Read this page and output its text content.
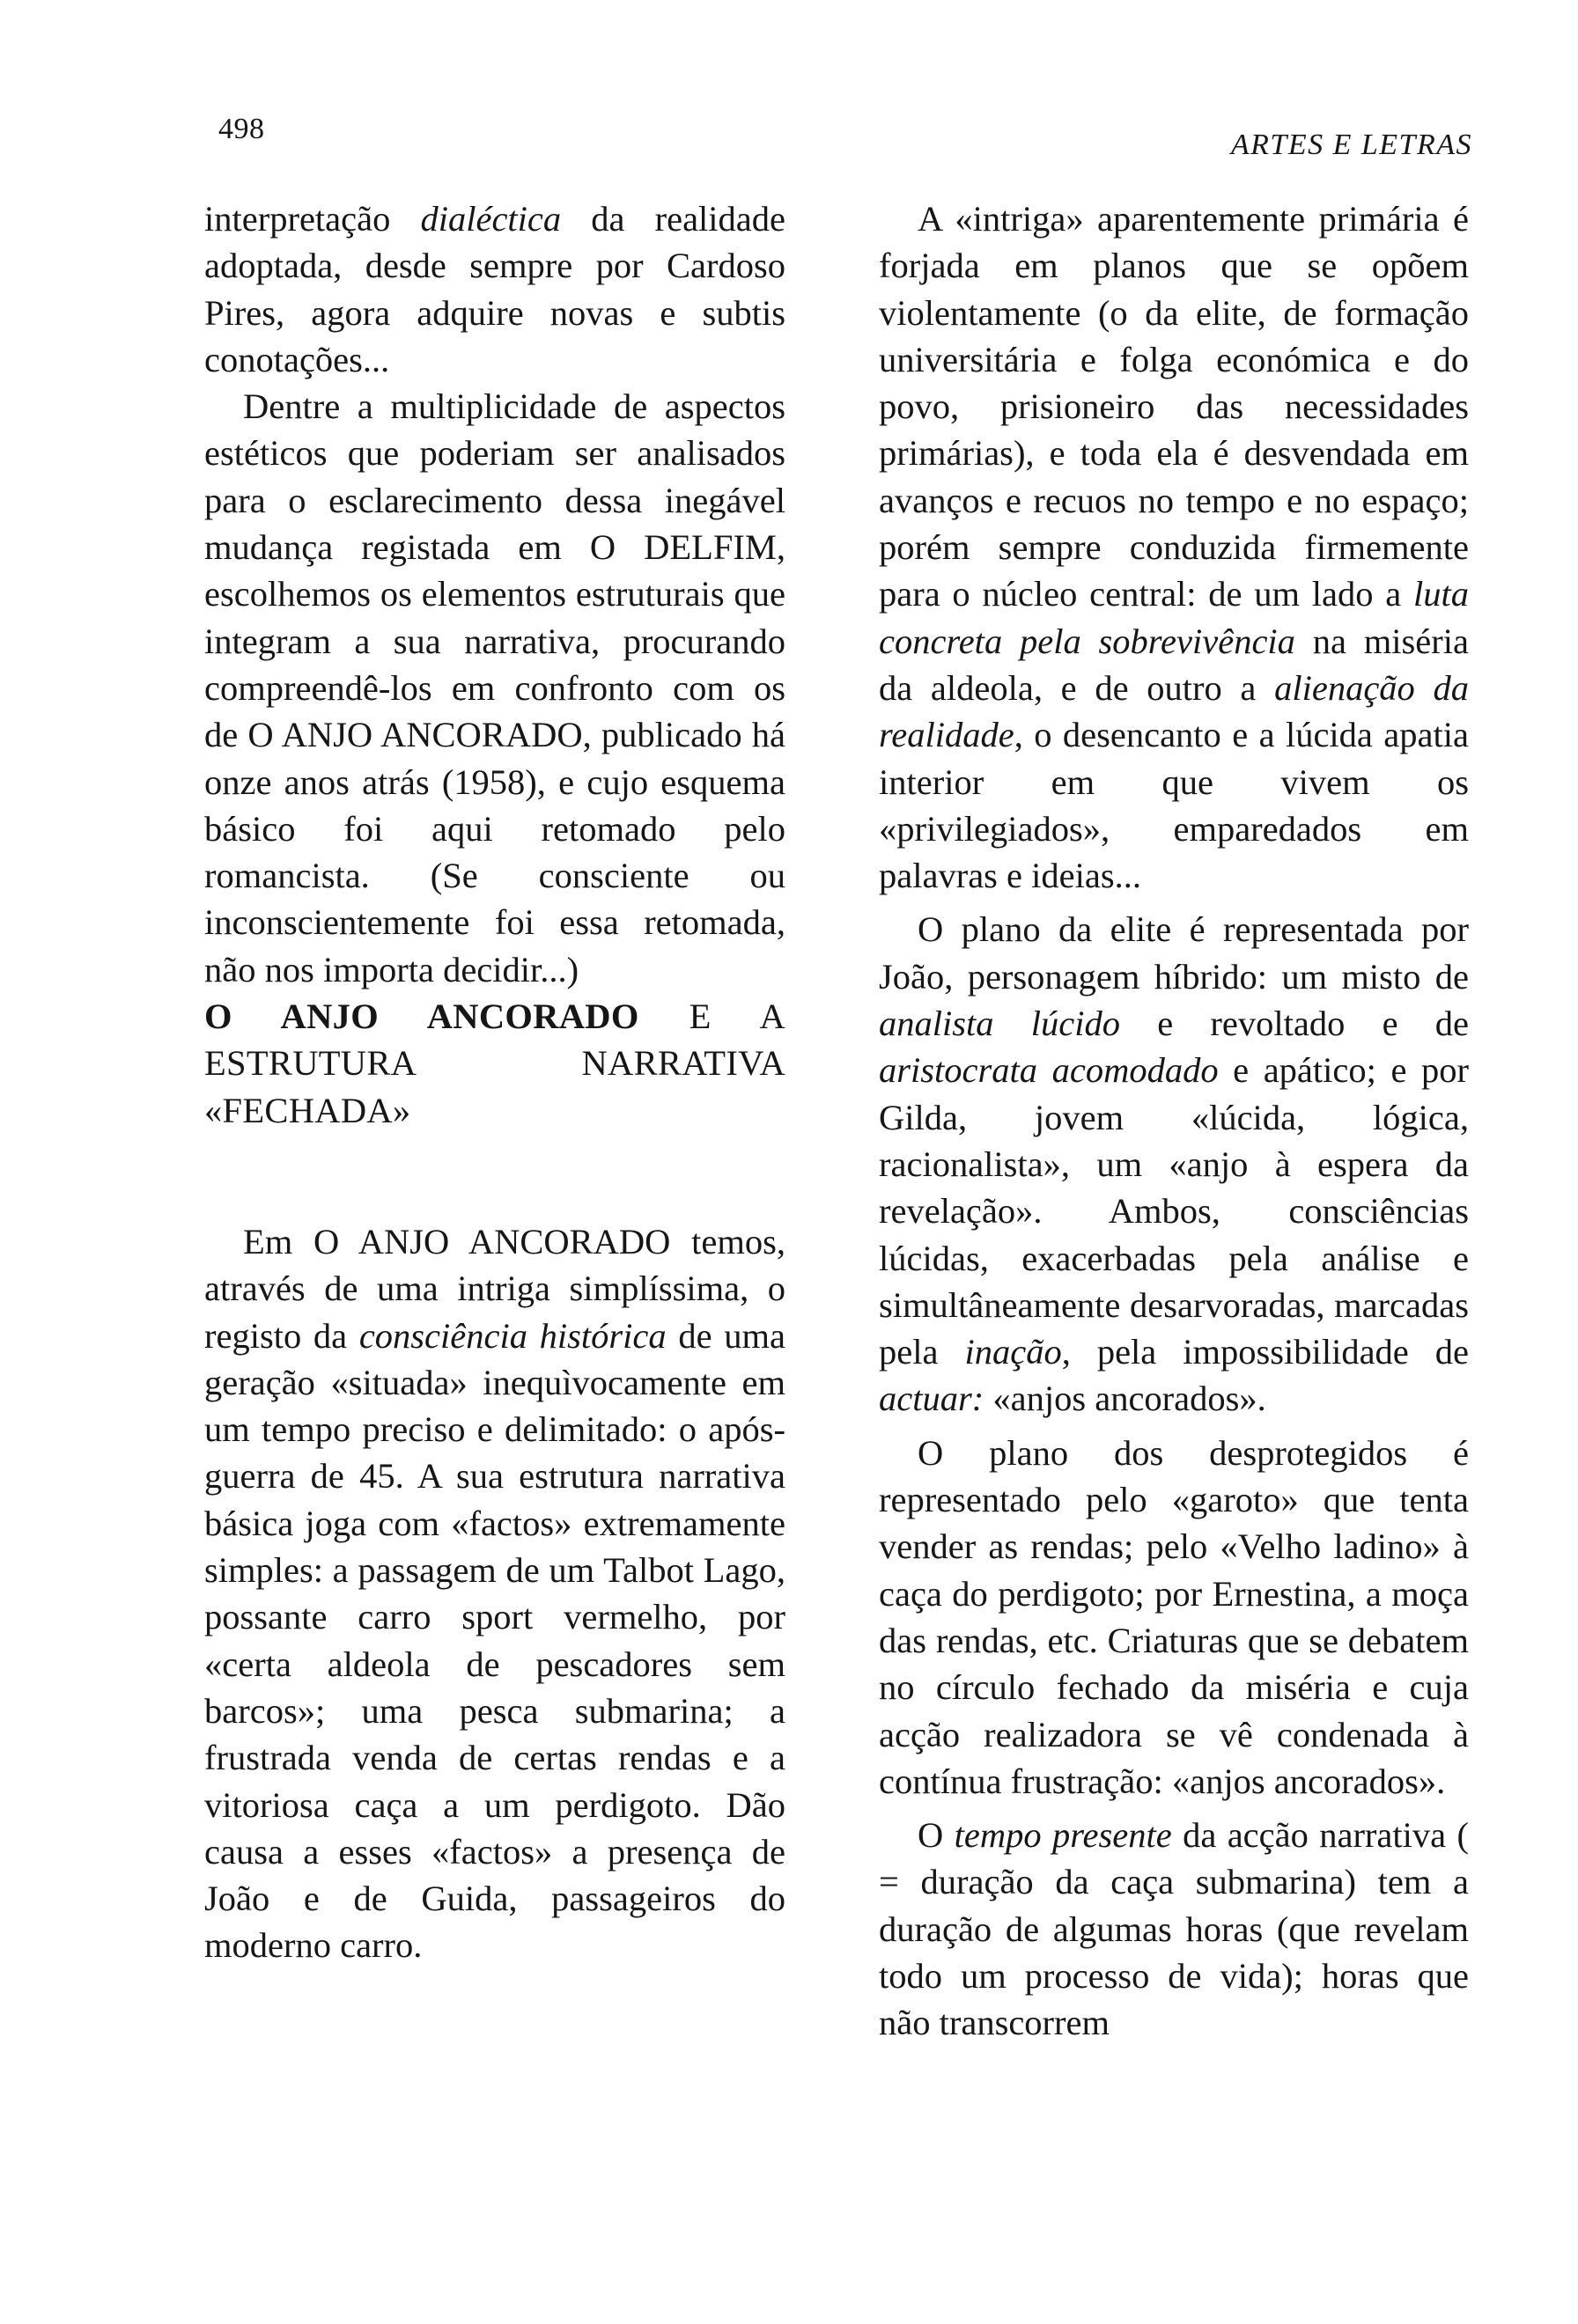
498	ARTES E LETRAS

interpretação dialéctica da realidade adoptada, desde sempre por Cardoso Pires, agora adquire novas e subtis conotações...

Dentre a multiplicidade de aspectos estéticos que poderiam ser analisados para o esclarecimento dessa inegável mudança registada em O DELFIM, escolhemos os elementos estruturais que integram a sua narrativa, procurando compreendê-los em confronto com os de O ANJO ANCORADO, publicado há onze anos atrás (1958), e cujo esquema básico foi aqui retomado pelo romancista. (Se consciente ou inconscientemente foi essa retomada, não nos importa decidir...)

O ANJO ANCORADO E A ESTRUTURA NARRATIVA «FECHADA»

Em O ANJO ANCORADO temos, através de uma intriga simplíssima, o registo da consciência histórica de uma geração «situada» inequìvocamente em um tempo preciso e delimitado: o após-guerra de 45. A sua estrutura narrativa básica joga com «factos» extremamente simples: a passagem de um Talbot Lago, possante carro sport vermelho, por «certa aldeola de pescadores sem barcos»; uma pesca submarina; a frustrada venda de certas rendas e a vitoriosa caça a um perdigoto. Dão causa a esses «factos» a presença de João e de Guida, passageiros do moderno carro.

A «intriga» aparentemente primária é forjada em planos que se opõem violentamente (o da elite, de formação universitária e folga económica e do povo, prisioneiro das necessidades primárias), e toda ela é desvendada em avanços e recuos no tempo e no espaço; porém sempre conduzida firmemente para o núcleo central: de um lado a luta concreta pela sobrevivência na miséria da aldeola, e de outro a alienação da realidade, o desencanto e a lúcida apatia interior em que vivem os «privilegiados», emparedados em palavras e ideias...

O plano da elite é representada por João, personagem híbrido: um misto de analista lúcido e revoltado e de aristocrata acomodado e apático; e por Gilda, jovem «lúcida, lógica, racionalista», um «anjo à espera da revelação». Ambos, consciências lúcidas, exacerbadas pela análise e simultâneamente desarvoradas, marcadas pela inação, pela impossibilidade de actuar: «anjos ancorados».

O plano dos desprotegidos é representado pelo «garoto» que tenta vender as rendas; pelo «Velho ladino» à caça do perdigoto; por Ernestina, a moça das rendas, etc. Criaturas que se debatem no círculo fechado da miséria e cuja acção realizadora se vê condenada à contínua frustração: «anjos ancorados».

O tempo presente da acção narrativa ( = duração da caça submarina) tem a duração de algumas horas (que revelam todo um processo de vida); horas que não transcorrem
